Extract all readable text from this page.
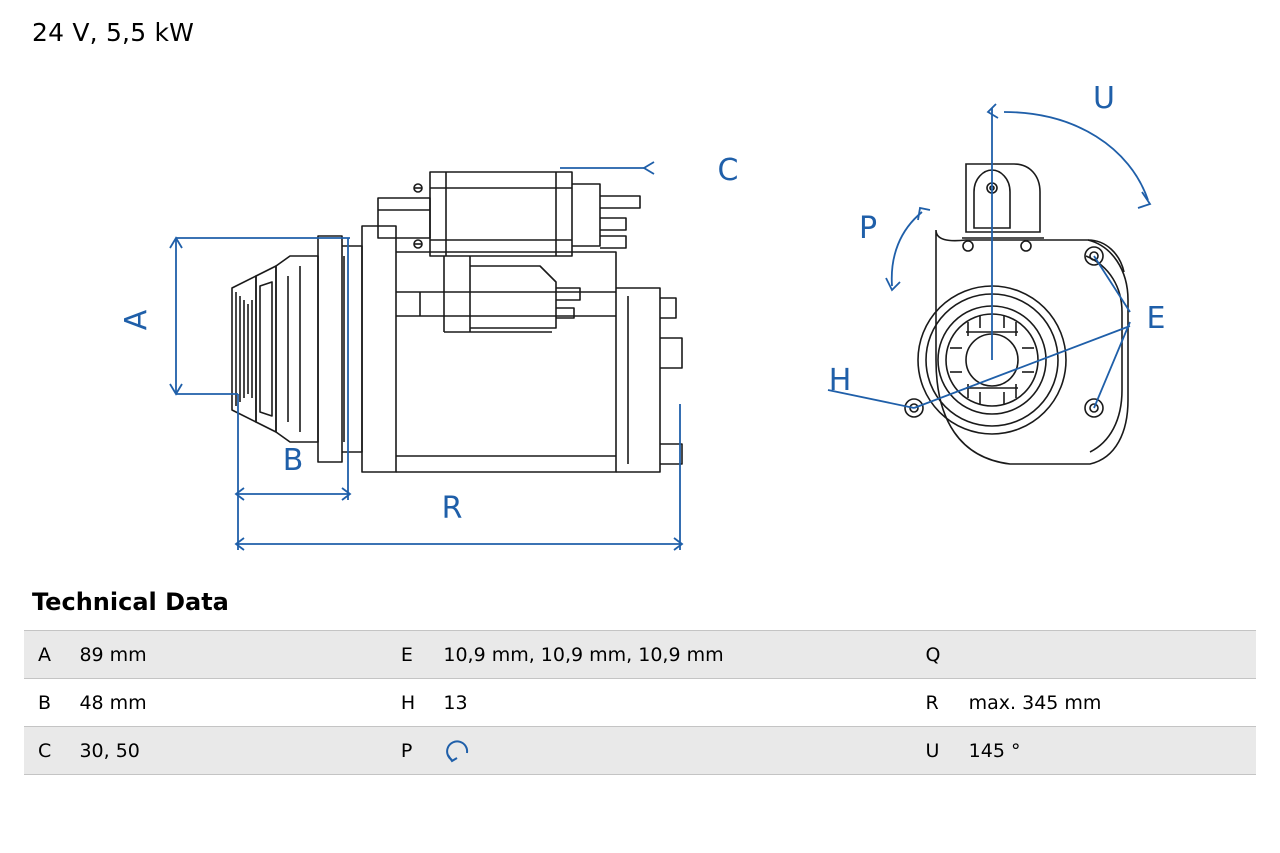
24 V, 5,5 kW
A
B
R
C
U
P
E
H
Technical Data
A	89 mm	E	10,9 mm, 10,9 mm, 10,9 mm	Q	
B	48 mm	H	13	R	max. 345 mm
C	30, 50	P		U	145 °
